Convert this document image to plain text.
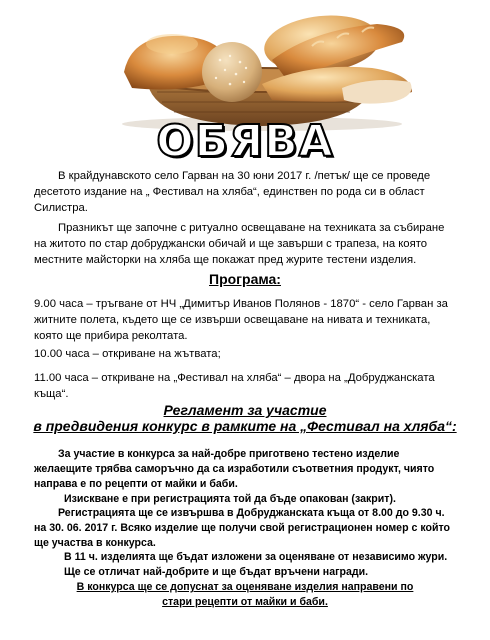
ОБЯВА

В крайдунавското село Гарван на 30 юни 2017 г. /петък/ ще се проведе десетото издание на „ Фестивал на хляба“, единствен по рода си в област Силистра.

Празникът ще започне с ритуално освещаване на техниката за събиране на житото по стар добруджански обичай и ще завърши с трапеза, на която местните майсторки на хляба ще покажат пред журите тестени изделия.

Програма:

9.00 часа – тръгване от НЧ „Димитър Иванов Полянов - 1870“ - село Гарван за житните полета, където ще се извърши освещаване на нивата и техниката, която ще прибира реколтата.

10.00 часа – откриване на жътвата;

11.00 часа – откриване на „Фестивал на хляба“ – двора на „Добруджанската къща“.

Регламент за участие

в предвидения конкурс в рамките на „Фестивал на хляба“:

За участие в конкурса за най-добре приготвено тестено изделие желаещите трябва саморъчно да са изработили съответния продукт, чиято направа е по рецепти от майки и баби.

Изискване е при регистрацията той да бъде опакован (закрит).

Регистрацията ще се извършва в Добруджанската къща от 8.00 до 9.30 ч. на 30. 06. 2017 г. Всяко изделие ще получи свой регистрационен номер с който ще участва в конкурса.

В 11 ч. изделията ще бъдат изложени за оценяване от независимо жури.

Ще се отличат най-добрите и ще бъдат връчени награди.

В конкурса ще се допуснат за оценяване изделия направени по

стари рецепти от майки и баби.
